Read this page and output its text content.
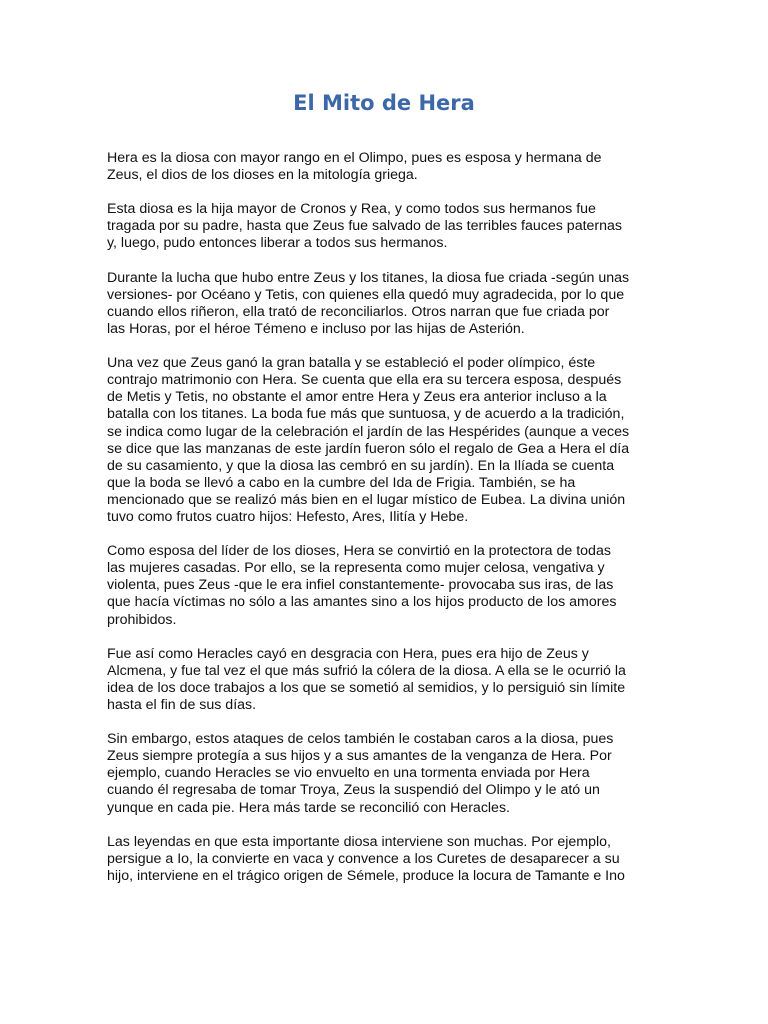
El Mito de Hera

Hera es la diosa con mayor rango en el Olimpo, pues es esposa y hermana de
Zeus, el dios de los dioses en la mitología griega.

Esta diosa es la hija mayor de Cronos y Rea, y como todos sus hermanos fue
tragada por su padre, hasta que Zeus fue salvado de las terribles fauces paternas
y, luego, pudo entonces liberar a todos sus hermanos.

Durante la lucha que hubo entre Zeus y los titanes, la diosa fue criada -según unas
versiones- por Océano y Tetis, con quienes ella quedó muy agradecida, por lo que
cuando ellos riñeron, ella trató de reconciliarlos. Otros narran que fue criada por
las Horas, por el héroe Témeno e incluso por las hijas de Asterión.

Una vez que Zeus ganó la gran batalla y se estableció el poder olímpico, éste
contrajo matrimonio con Hera. Se cuenta que ella era su tercera esposa, después
de Metis y Tetis, no obstante el amor entre Hera y Zeus era anterior incluso a la
batalla con los titanes. La boda fue más que suntuosa, y de acuerdo a la tradición,
se indica como lugar de la celebración el jardín de las Hespérides (aunque a veces
se dice que las manzanas de este jardín fueron sólo el regalo de Gea a Hera el día
de su casamiento, y que la diosa las cembró en su jardín). En la Ilíada se cuenta
que la boda se llevó a cabo en la cumbre del Ida de Frigia. También, se ha
mencionado que se realizó más bien en el lugar místico de Eubea. La divina unión
tuvo como frutos cuatro hijos: Hefesto, Ares, Ilitía y Hebe.

Como esposa del líder de los dioses, Hera se convirtió en la protectora de todas
las mujeres casadas. Por ello, se la representa como mujer celosa, vengativa y
violenta, pues Zeus -que le era infiel constantemente- provocaba sus iras, de las
que hacía víctimas no sólo a las amantes sino a los hijos producto de los amores
prohibidos.

Fue así como Heracles cayó en desgracia con Hera, pues era hijo de Zeus y
Alcmena, y fue tal vez el que más sufrió la cólera de la diosa. A ella se le ocurrió la
idea de los doce trabajos a los que se sometió al semidios, y lo persiguió sin límite
hasta el fin de sus días.

Sin embargo, estos ataques de celos también le costaban caros a la diosa, pues
Zeus siempre protegía a sus hijos y a sus amantes de la venganza de Hera. Por
ejemplo, cuando Heracles se vio envuelto en una tormenta enviada por Hera
cuando él regresaba de tomar Troya, Zeus la suspendió del Olimpo y le ató un
yunque en cada pie. Hera más tarde se reconcilió con Heracles.

Las leyendas en que esta importante diosa interviene son muchas. Por ejemplo,
persigue a Io, la convierte en vaca y convence a los Curetes de desaparecer a su
hijo, interviene en el trágico origen de Sémele, produce la locura de Tamante e Ino
